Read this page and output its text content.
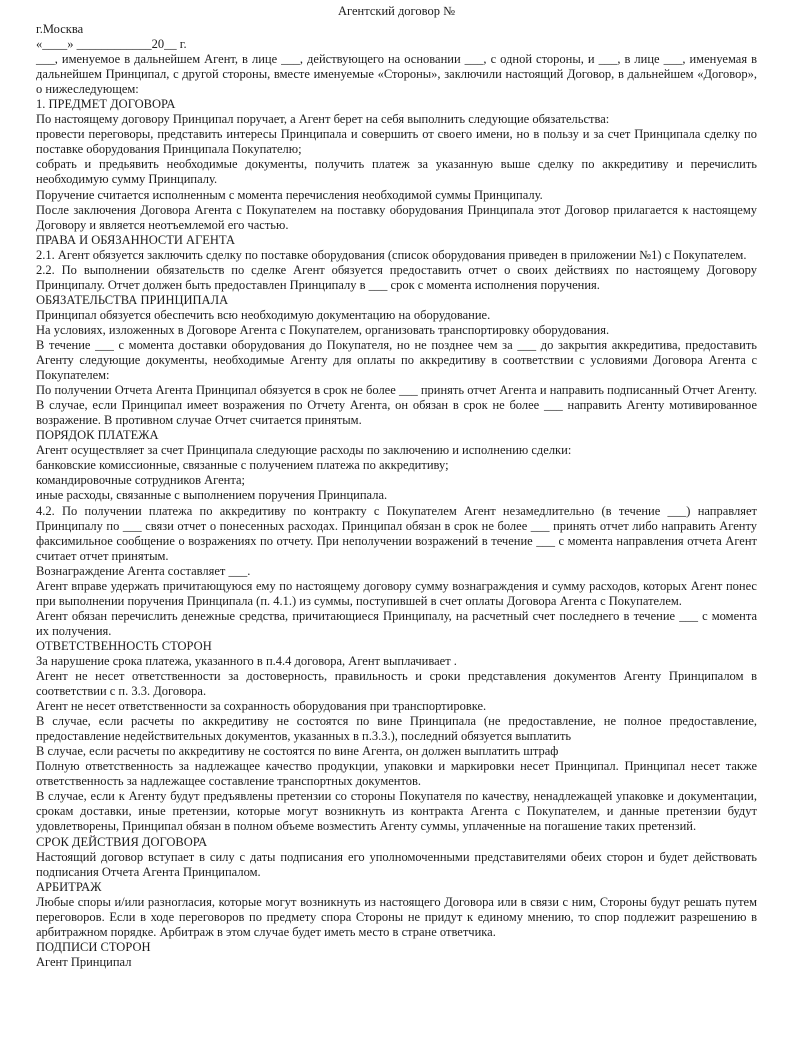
Агентский договор №

г.Москва

«____» ____________20__ г.

___, именуемое в дальнейшем Агент, в лице ___, действующего на основании ___, с одной стороны, и ___, в лице ___, именуемая в дальнейшем Принципал, с другой стороны, вместе именуемые «Стороны», заключили настоящий Договор, в дальнейшем «Договор», о нижеследующем:

1. ПРЕДМЕТ ДОГОВОРА

По настоящему договору Принципал поручает, а Агент берет на себя выполнить следующие обязательства:

провести переговоры, представить интересы Принципала и совершить от своего имени, но в пользу и за счет Принципала сделку по поставке оборудования Принципала Покупателю;

собрать и предьявить необходимые документы, получить платеж за указанную выше сделку по аккредитиву и перечислить необходимую сумму Принципалу.

Поручение считается исполненным с момента перечисления необходимой суммы Принципалу.

После заключения Договора Агента с Покупателем на поставку оборудования Принципала этот Договор прилагается к настоящему Договору и является неотъемлемой его частью.

ПРАВА И ОБЯЗАННОСТИ АГЕНТА

2.1. Агент обязуется заключить сделку по поставке оборудования (список оборудования приведен в приложении №1) с Покупателем.

2.2. По выполнении обязательств по сделке Агент обязуется предоставить отчет о своих действиях по настоящему Договору Принципалу. Отчет должен быть предоставлен Принципалу в ___ срок с момента исполнения поручения.

ОБЯЗАТЕЛЬСТВА ПРИНЦИПАЛА

Принципал обязуется обеспечить всю необходимую документацию на оборудование.

На условиях, изложенных в Договоре Агента с Покупателем, организовать транспортировку оборудования.

В течение ___ с момента доставки оборудования до Покупателя, но не позднее чем за ___ до закрытия аккредитива, предоставить Агенту следующие документы, необходимые Агенту для оплаты по аккредитиву в соответствии с условиями Договора Агента с Покупателем:

По получении Отчета Агента Принципал обязуется в срок не более ___ принять отчет Агента и направить подписанный Отчет Агенту. В случае, если Принципал имеет возражения по Отчету Агента, он обязан в срок не более ___ направить Агенту мотивированное возражение. В противном случае Отчет считается принятым.

ПОРЯДОК ПЛАТЕЖА

Агент осуществляет за счет Принципала следующие расходы по заключению и исполнению сделки:

банковские комиссионные, связанные с получением платежа по аккредитиву;

командировочные сотрудников Агента;

иные расходы, связанные с выполнением поручения Принципала.

4.2. По получении платежа по аккредитиву по контракту с Покупателем Агент незамедлительно (в течение ___) направляет Принципалу по ___ связи отчет о понесенных расходах. Принципал обязан в срок не более ___ принять отчет либо направить Агенту факсимильное сообщение о возражениях по отчету. При неполучении возражений в течение ___ с момента направления отчета Агент считает отчет принятым.

Вознаграждение Агента составляет ___.

Агент вправе удержать причитающуюся ему по настоящему договору сумму вознаграждения и сумму расходов, которых Агент понес при выполнении поручения Принципала (п. 4.1.) из суммы, поступившей в счет оплаты Договора Агента с Покупателем.

Агент обязан перечислить денежные средства, причитающиеся Принципалу, на расчетный счет последнего в течение ___ с момента их получения.

ОТВЕТСТВЕННОСТЬ СТОРОН

За нарушение срока платежа, указанного в п.4.4 договора, Агент выплачивает .

Агент не несет ответственности за достоверность, правильность и сроки представления документов Агенту Принципалом в соответствии с п. 3.3. Договора.

Агент не несет ответственности за сохранность оборудования при транспортировке.

В случае, если расчеты по аккредитиву не состоятся по вине Принципала (не предоставление, не полное предоставление, предоставление недействительных документов, указанных в п.3.3.), последний обязуется выплатить

В случае, если расчеты по аккредитиву не состоятся по вине Агента, он должен выплатить штраф

Полную ответственность за надлежащее качество продукции, упаковки и маркировки несет Принципал. Принципал несет также ответственность за надлежащее составление транспортных документов.

В случае, если к Агенту будут предъявлены претензии со стороны Покупателя по качеству, ненадлежащей упаковке и документации, срокам доставки, иные претензии, которые могут возникнуть из контракта Агента с Покупателем, и данные претензии будут удовлетворены, Принципал обязан в полном объеме возместить Агенту суммы, уплаченные на погашение таких претензий.

СРОК ДЕЙСТВИЯ ДОГОВОРА

Настоящий договор вступает в силу с даты подписания его уполномоченными представителями обеих сторон и будет действовать подписания Отчета Агента Принципалом.

АРБИТРАЖ

Любые споры и/или разногласия, которые могут возникнуть из настоящего Договора или в связи с ним, Стороны будут решать путем переговоров. Если в ходе переговоров по предмету спора Стороны не придут к единому мнению, то спор подлежит разрешению в арбитражном порядке. Арбитраж в этом случае будет иметь место в стране ответчика.

ПОДПИСИ СТОРОН

Агент Принципал
